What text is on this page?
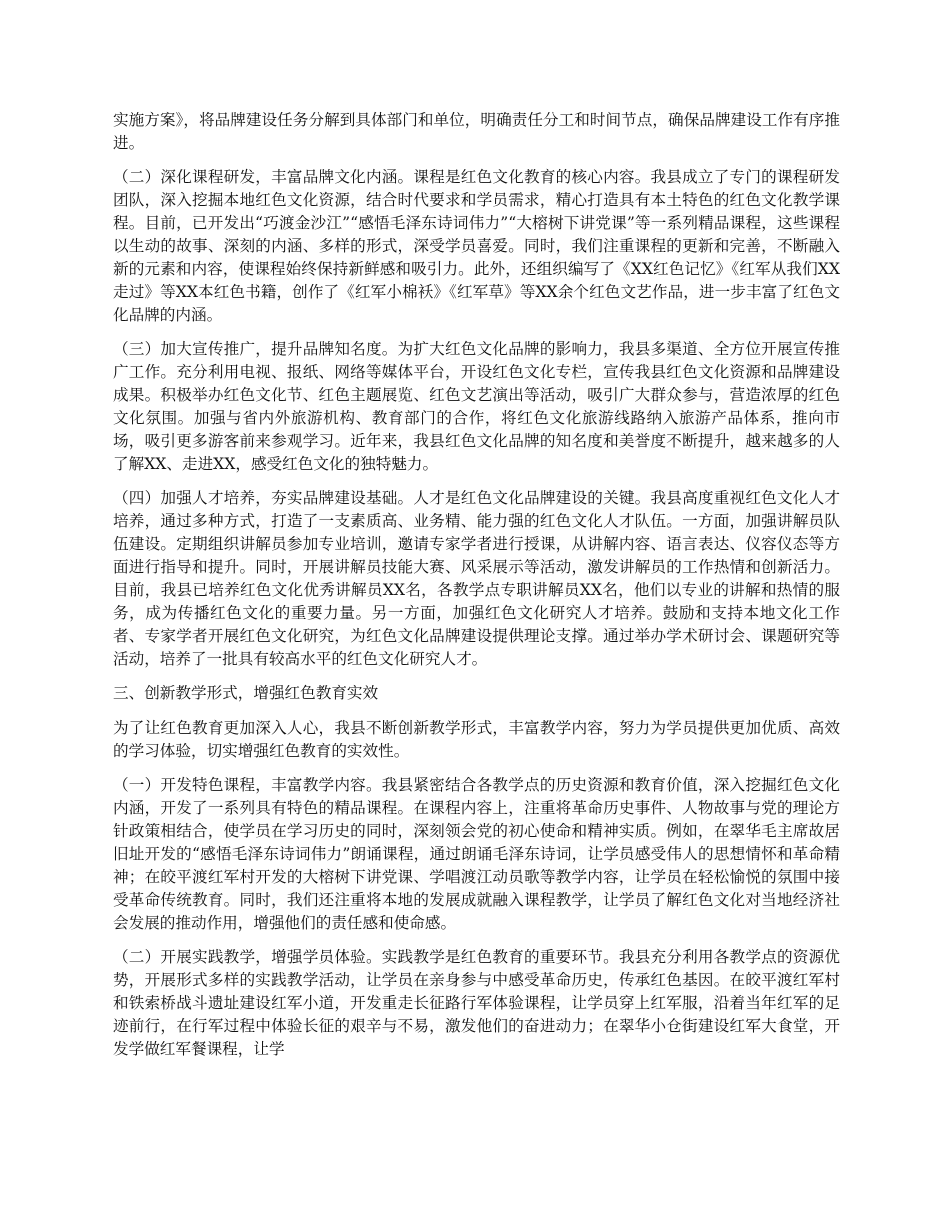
实施方案》，将品牌建设任务分解到具体部门和单位，明确责任分工和时间节点，确保品牌建设工作有序推进。

（二）深化课程研发，丰富品牌文化内涵。课程是红色文化教育的核心内容。我县成立了专门的课程研发团队，深入挖掘本地红色文化资源，结合时代要求和学员需求，精心打造具有本土特色的红色文化教学课程。目前，已开发出“巧渡金沙江”“感悟毛泽东诗词伟力”“大榕树下讲党课”等一系列精品课程，这些课程以生动的故事、深刻的内涵、多样的形式，深受学员喜爱。同时，我们注重课程的更新和完善，不断融入新的元素和内容，使课程始终保持新鲜感和吸引力。此外，还组织编写了《XX红色记忆》《红军从我们XX走过》等XX本红色书籍，创作了《红军小棉袄》《红军草》等XX余个红色文艺作品，进一步丰富了红色文化品牌的内涵。

（三）加大宣传推广，提升品牌知名度。为扩大红色文化品牌的影响力，我县多渠道、全方位开展宣传推广工作。充分利用电视、报纸、网络等媒体平台，开设红色文化专栏，宣传我县红色文化资源和品牌建设成果。积极举办红色文化节、红色主题展览、红色文艺演出等活动，吸引广大群众参与，营造浓厚的红色文化氛围。加强与省内外旅游机构、教育部门的合作，将红色文化旅游线路纳入旅游产品体系，推向市场，吸引更多游客前来参观学习。近年来，我县红色文化品牌的知名度和美誉度不断提升，越来越多的人了解XX、走进XX，感受红色文化的独特魅力。

（四）加强人才培养，夯实品牌建设基础。人才是红色文化品牌建设的关键。我县高度重视红色文化人才培养，通过多种方式，打造了一支素质高、业务精、能力强的红色文化人才队伍。一方面，加强讲解员队伍建设。定期组织讲解员参加专业培训，邀请专家学者进行授课，从讲解内容、语言表达、仪容仪态等方面进行指导和提升。同时，开展讲解员技能大赛、风采展示等活动，激发讲解员的工作热情和创新活力。目前，我县已培养红色文化优秀讲解员XX名，各教学点专职讲解员XX名，他们以专业的讲解和热情的服务，成为传播红色文化的重要力量。另一方面，加强红色文化研究人才培养。鼓励和支持本地文化工作者、专家学者开展红色文化研究，为红色文化品牌建设提供理论支撑。通过举办学术研讨会、课题研究等活动，培养了一批具有较高水平的红色文化研究人才。

三、创新教学形式，增强红色教育实效

为了让红色教育更加深入人心，我县不断创新教学形式，丰富教学内容，努力为学员提供更加优质、高效的学习体验，切实增强红色教育的实效性。

（一）开发特色课程，丰富教学内容。我县紧密结合各教学点的历史资源和教育价值，深入挖掘红色文化内涵，开发了一系列具有特色的精品课程。在课程内容上，注重将革命历史事件、人物故事与党的理论方针政策相结合，使学员在学习历史的同时，深刻领会党的初心使命和精神实质。例如，在翠华毛主席故居旧址开发的“感悟毛泽东诗词伟力”朗诵课程，通过朗诵毛泽东诗词，让学员感受伟人的思想情怀和革命精神；在皎平渡红军村开发的大榕树下讲党课、学唱渡江动员歌等教学内容，让学员在轻松愉悦的氛围中接受革命传统教育。同时，我们还注重将本地的发展成就融入课程教学，让学员了解红色文化对当地经济社会发展的推动作用，增强他们的责任感和使命感。

（二）开展实践教学，增强学员体验。实践教学是红色教育的重要环节。我县充分利用各教学点的资源优势，开展形式多样的实践教学活动，让学员在亲身参与中感受革命历史，传承红色基因。在皎平渡红军村和铁索桥战斗遗址建设红军小道，开发重走长征路行军体验课程，让学员穿上红军服，沿着当年红军的足迹前行，在行军过程中体验长征的艰辛与不易，激发他们的奋进动力；在翠华小仓街建设红军大食堂，开发学做红军餐课程，让学
